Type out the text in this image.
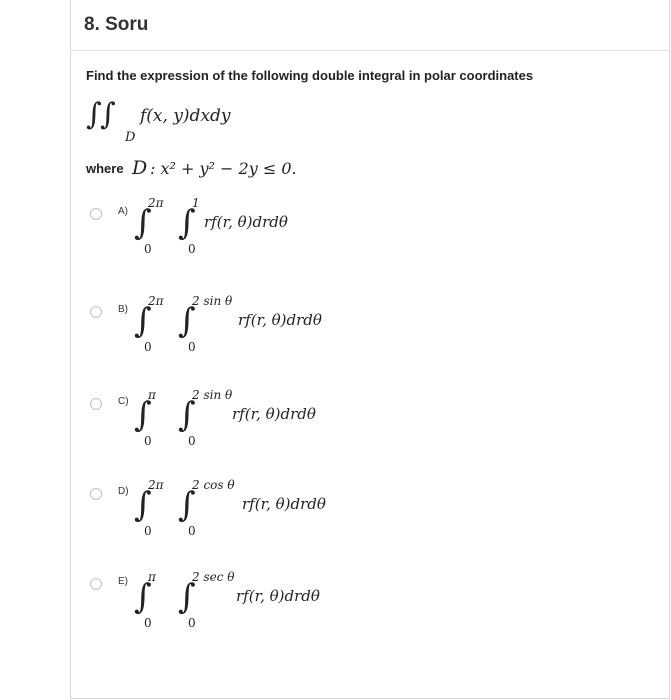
8. Soru
Find the expression of the following double integral in polar coordinates
∫
∫
D
f(x, y)dxdy
where D : x² + y² − 2y ≤ 0.
A) ∫
2π
0
∫
1
0
rf(r, θ)drdθ
B) ∫
2π
0
∫
2 sin θ
0
rf(r, θ)drdθ
C) ∫
π
0
∫
2 sin θ
0
rf(r, θ)drdθ
D) ∫
2π
0
∫
2 cos θ
0
rf(r, θ)drdθ
E) ∫
π
0
∫
2 sec θ
0
rf(r, θ)drdθ
